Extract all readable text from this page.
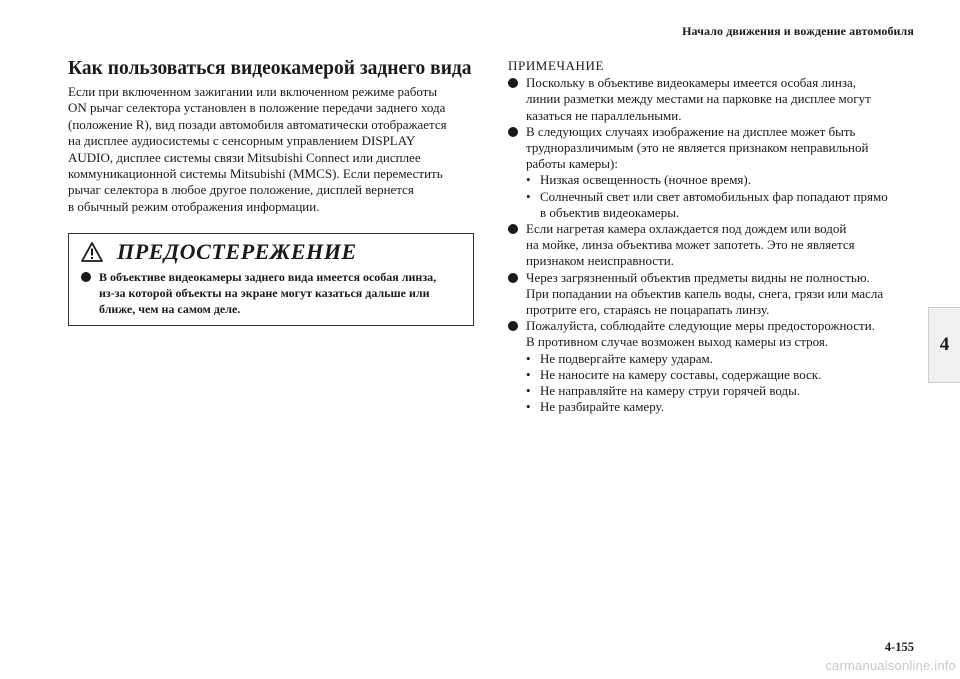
Начало движения и вождение автомобиля
Как пользоваться видеокамерой заднего вида
Если при включенном зажигании или включенном режиме работы
ON рычаг селектора установлен в положение передачи заднего хода
(положение R), вид позади автомобиля автоматически отображается
на дисплее аудиосистемы с сенсорным управлением DISPLAY
AUDIO, дисплее системы связи Mitsubishi Connect или дисплее
коммуникационной системы Mitsubishi (MMCS). Если переместить
рычаг селектора в любое другое положение, дисплей вернется
в обычный режим отображения информации.
ПРЕДОСТЕРЕЖЕНИЕ
В объективе видеокамеры заднего вида имеется особая линза,
из-за которой объекты на экране могут казаться дальше или
ближе, чем на самом деле.
ПРИМЕЧАНИЕ
Поскольку в объективе видеокамеры имеется особая линза,
линии разметки между местами на парковке на дисплее могут
казаться не параллельными.
В следующих случаях изображение на дисплее может быть
трудноразличимым (это не является признаком неправильной
работы камеры):
• Низкая освещенность (ночное время).
• Солнечный свет или свет автомобильных фар попадают прямо
в объектив видеокамеры.
Если нагретая камера охлаждается под дождем или водой
на мойке, линза объектива может запотеть. Это не является
признаком неисправности.
Через загрязненный объектив предметы видны не полностью.
При попадании на объектив капель воды, снега, грязи или масла
протрите его, стараясь не поцарапать линзу.
Пожалуйста, соблюдайте следующие меры предосторожности.
В противном случае возможен выход камеры из строя.
• Не подвергайте камеру ударам.
• Не наносите на камеру составы, содержащие воск.
• Не направляйте на камеру струи горячей воды.
• Не разбирайте камеру.
4
4-155
carmanualsonline.info
